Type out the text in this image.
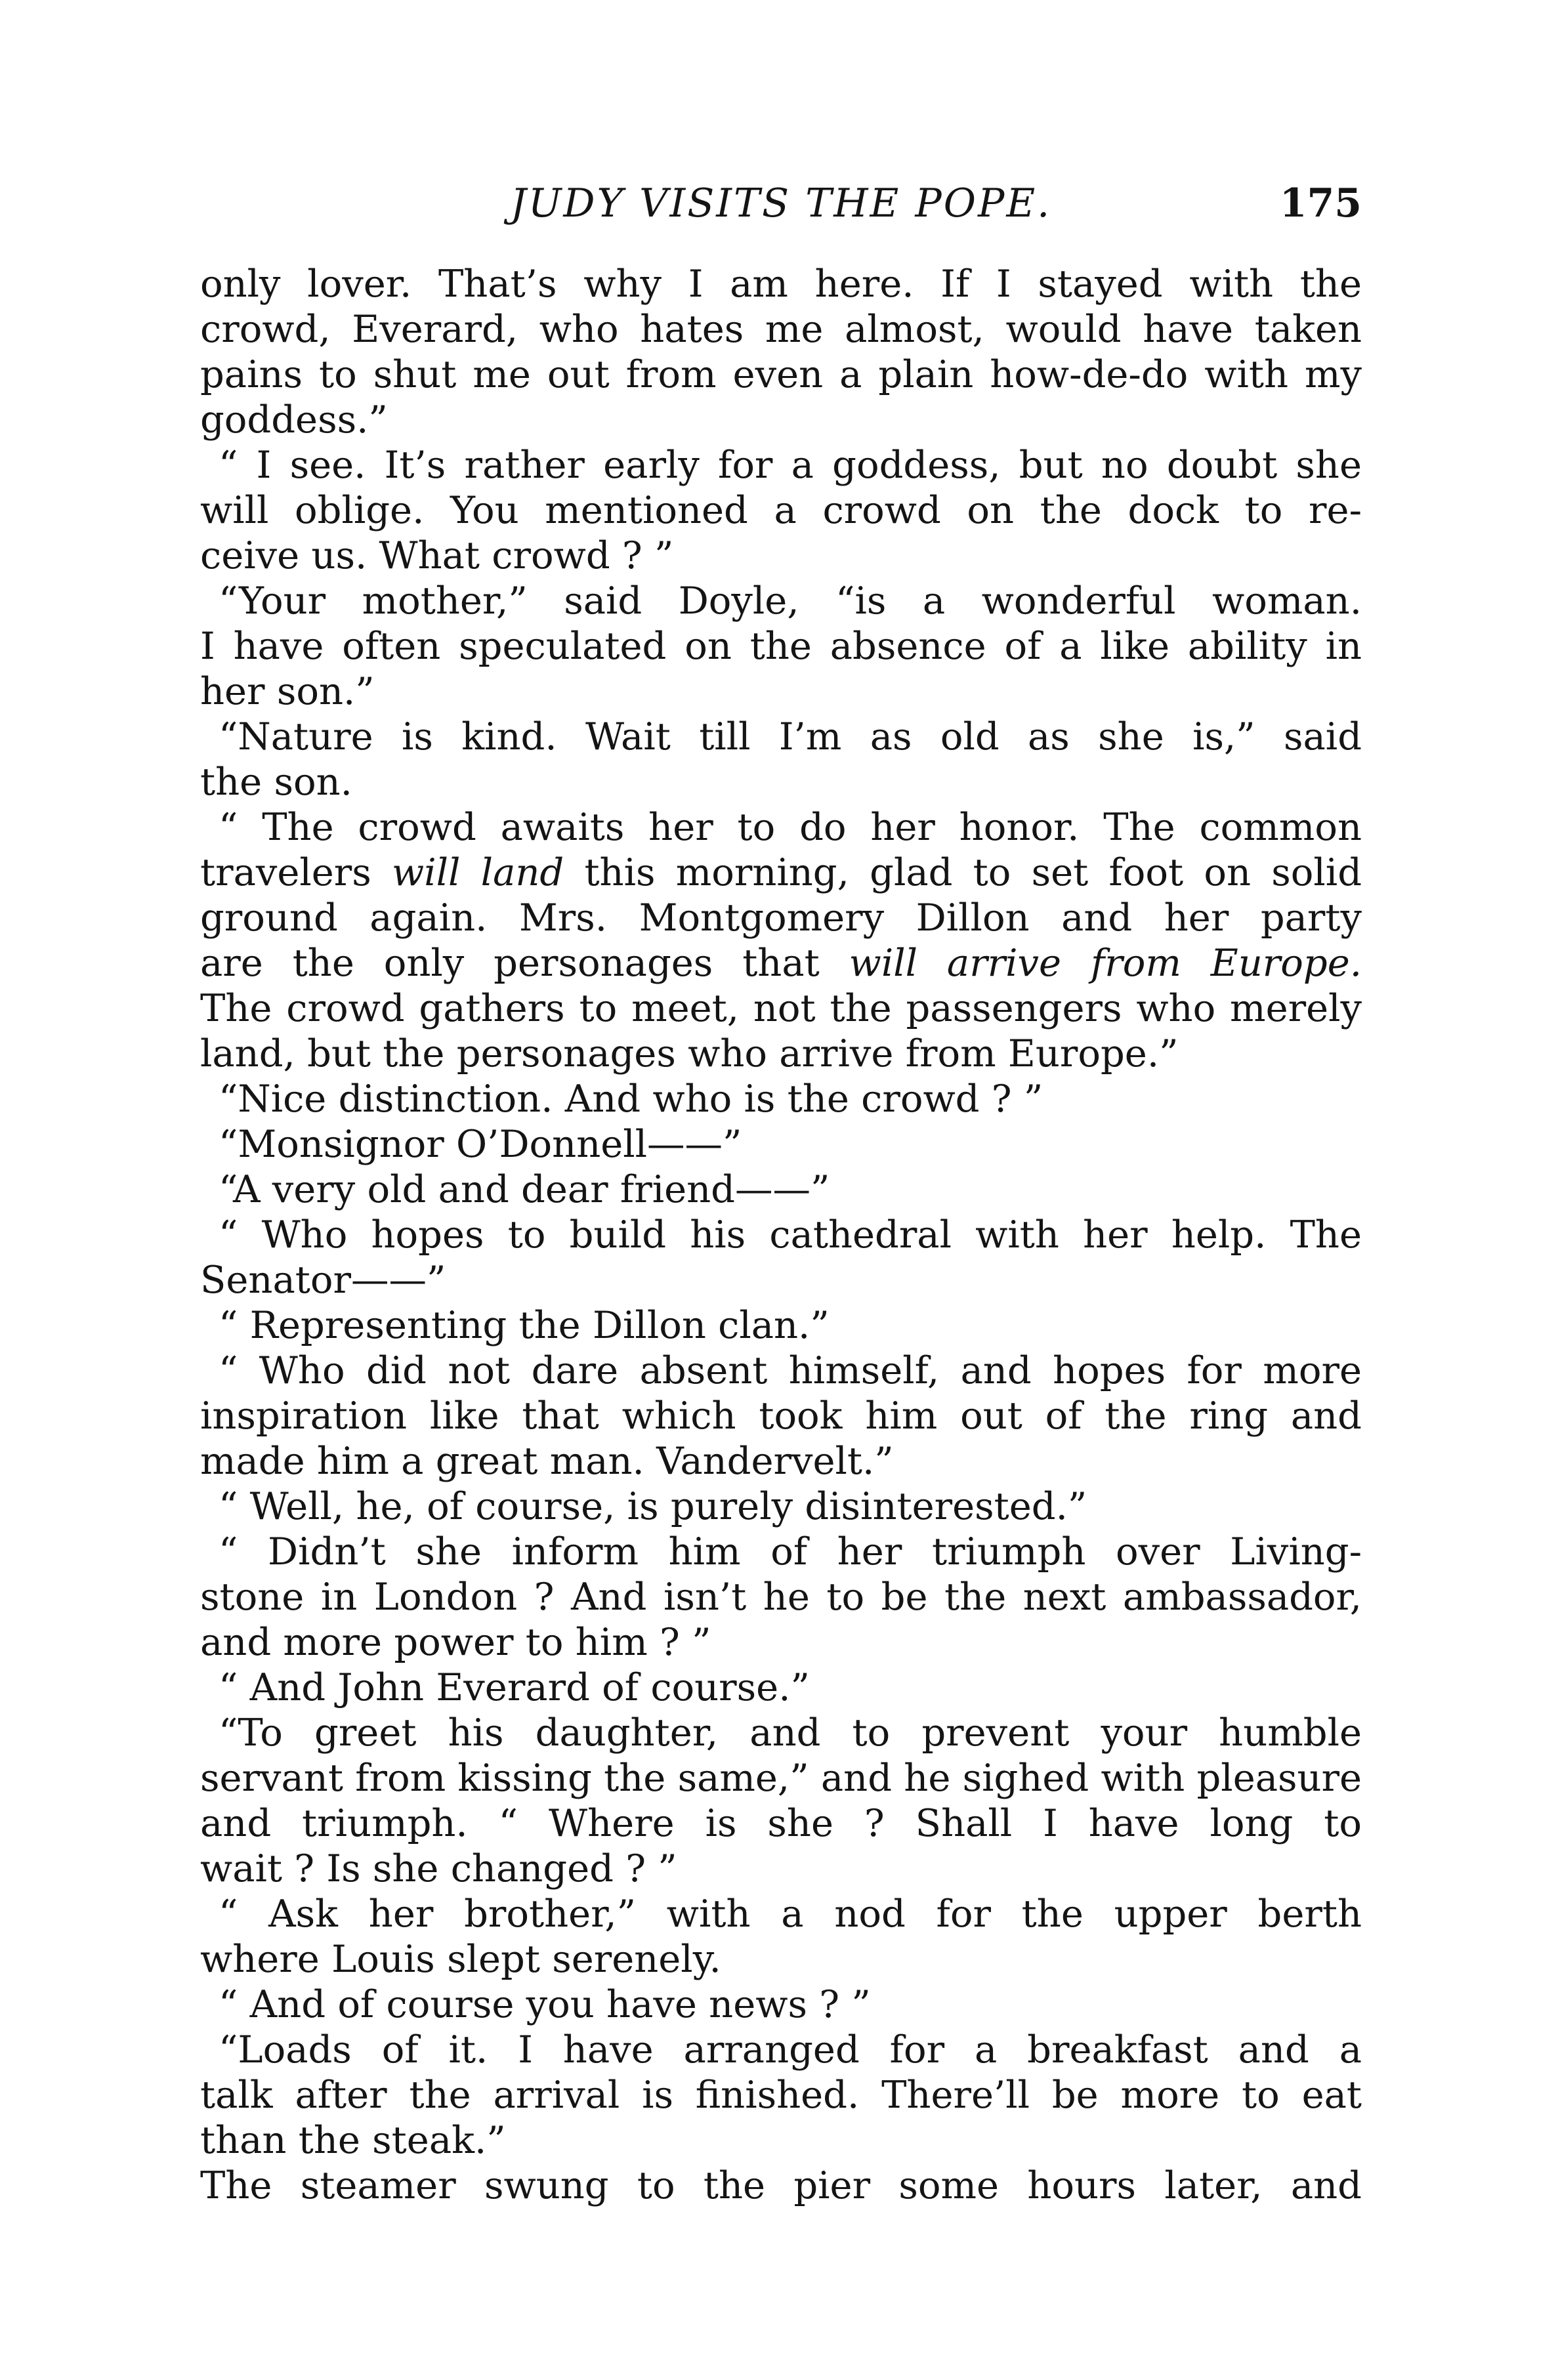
JUDY VISITS THE POPE.	175
only lover. That’s why I am here. If I stayed with the
crowd, Everard, who hates me almost, would have taken
pains to shut me out from even a plain how-de-do with my
goddess.”
“ I see. It’s rather early for a goddess, but no doubt she
will oblige. You mentioned a crowd on the dock to re-
ceive us. What crowd ? ”
“Your mother,” said Doyle, “is a wonderful woman.
I have often speculated on the absence of a like ability in
her son.”
“Nature is kind. Wait till I’m as old as she is,” said
the son.
“ The crowd awaits her to do her honor. The common
travelers will land this morning, glad to set foot on solid
ground again. Mrs. Montgomery Dillon and her party
are the only personages that will arrive from Europe.
The crowd gathers to meet, not the passengers who merely
land, but the personages who arrive from Europe.”
“Nice distinction. And who is the crowd ? ”
“Monsignor O’Donnell——”
“A very old and dear friend——”
“ Who hopes to build his cathedral with her help. The
Senator——”
“ Representing the Dillon clan.”
“ Who did not dare absent himself, and hopes for more
inspiration like that which took him out of the ring and
made him a great man. Vandervelt.”
“ Well, he, of course, is purely disinterested.”
“ Didn’t she inform him of her triumph over Living-
stone in London ? And isn’t he to be the next ambassador,
and more power to him ? ”
“ And John Everard of course.”
“To greet his daughter, and to prevent your humble
servant from kissing the same,” and he sighed with pleasure
and triumph. “ Where is she ? Shall I have long to
wait ? Is she changed ? ”
“ Ask her brother,” with a nod for the upper berth
where Louis slept serenely.
“ And of course you have news ? ”
“Loads of it. I have arranged for a breakfast and a
talk after the arrival is finished. There’ll be more to eat
than the steak.”
The steamer swung to the pier some hours later, and
